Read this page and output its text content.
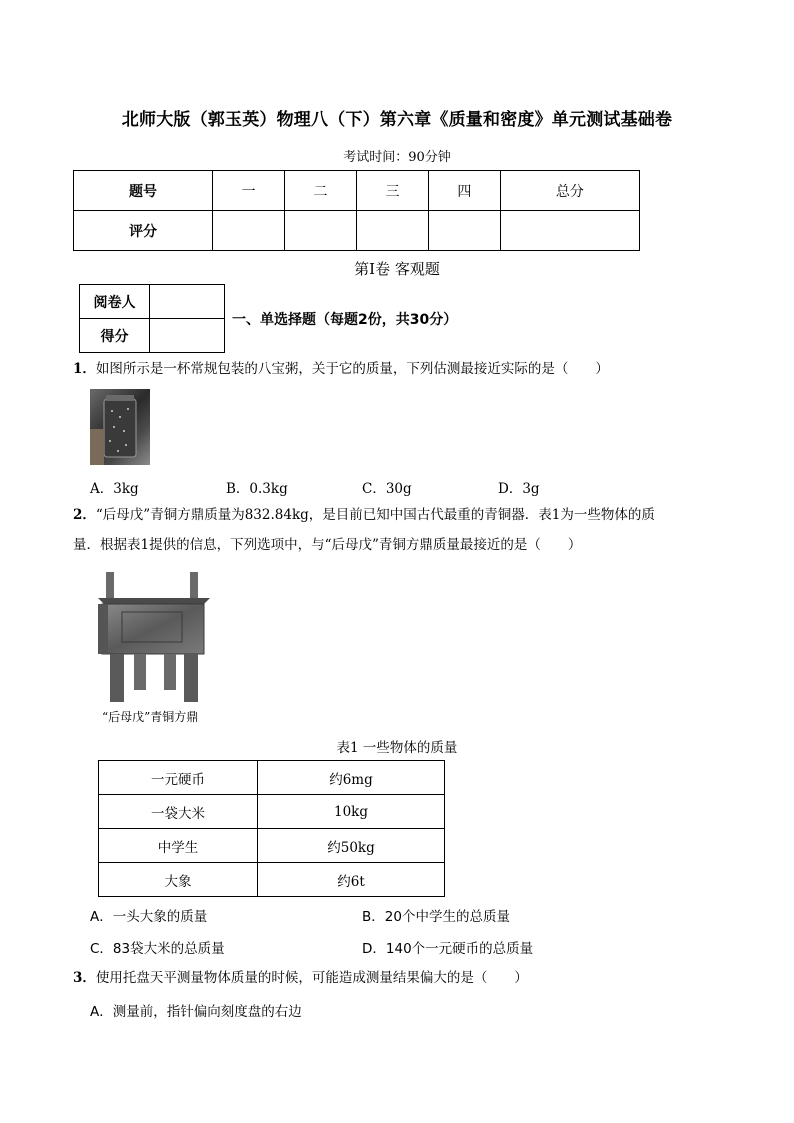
北师大版（郭玉英）物理八（下）第六章《质量和密度》单元测试基础卷
考试时间：90分钟
题号	一	二	三	四	总分
评分					
第Ⅰ卷 客观题
阅卷人	
得分	
一、单选择题（每题2份，共30分）
1．如图所示是一杯常规包装的八宝粥，关于它的质量，下列估测最接近实际的是（　　）
A．3kg	B．0.3kg	C．30g	D．3g
2．“后母戊”青铜方鼎质量为832.84kg，是目前已知中国古代最重的青铜器．表1为一些物体的质
量．根据表1提供的信息，下列选项中，与“后母戊”青铜方鼎质量最接近的是（　　）
“后母戊”青铜方鼎
表1 一些物体的质量
一元硬币	约6mg
一袋大米	10kg
中学生	约50kg
大象	约6t
A．一头大象的质量	B．20个中学生的总质量
C．83袋大米的总质量	D．140个一元硬币的总质量
3．使用托盘天平测量物体质量的时候，可能造成测量结果偏大的是（　　）
A．测量前，指针偏向刻度盘的右边
